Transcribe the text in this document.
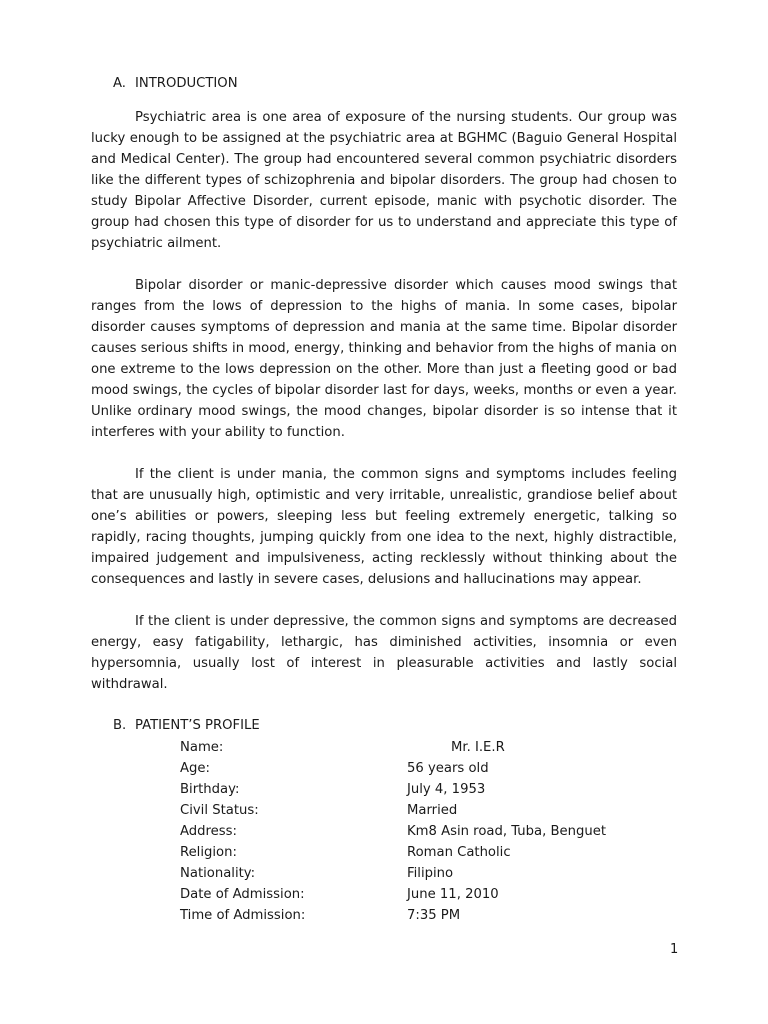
A. INTRODUCTION

Psychiatric area is one area of exposure of the nursing students. Our group was lucky enough to be assigned at the psychiatric area at BGHMC (Baguio General Hospital and Medical Center). The group had encountered several common psychiatric disorders like the different types of schizophrenia and bipolar disorders. The group had chosen to study Bipolar Affective Disorder, current episode, manic with psychotic disorder. The group had chosen this type of disorder for us to understand and appreciate this type of psychiatric ailment.

Bipolar disorder or manic-depressive disorder which causes mood swings that ranges from the lows of depression to the highs of mania. In some cases, bipolar disorder causes symptoms of depression and mania at the same time. Bipolar disorder causes serious shifts in mood, energy, thinking and behavior from the highs of mania on one extreme to the lows depression on the other. More than just a fleeting good or bad mood swings, the cycles of bipolar disorder last for days, weeks, months or even a year. Unlike ordinary mood swings, the mood changes, bipolar disorder is so intense that it interferes with your ability to function.

If the client is under mania, the common signs and symptoms includes feeling that are unusually high, optimistic and very irritable, unrealistic, grandiose belief about one’s abilities or powers, sleeping less but feeling extremely energetic, talking so rapidly, racing thoughts, jumping quickly from one idea to the next, highly distractible, impaired judgement and impulsiveness, acting recklessly without thinking about the consequences and lastly in severe cases, delusions and hallucinations may appear.

If the client is under depressive, the common signs and symptoms are decreased energy, easy fatigability, lethargic, has diminished activities, insomnia or even hypersomnia, usually lost of interest in pleasurable activities and lastly social withdrawal.

B. PATIENT’S PROFILE
Name:	Mr. I.E.R
Age:	56 years old
Birthday:	July 4, 1953
Civil Status:	Married
Address:	Km8 Asin road, Tuba, Benguet
Religion:	Roman Catholic
Nationality:	Filipino
Date of Admission:	June 11, 2010
Time of Admission:	7:35 PM
1
